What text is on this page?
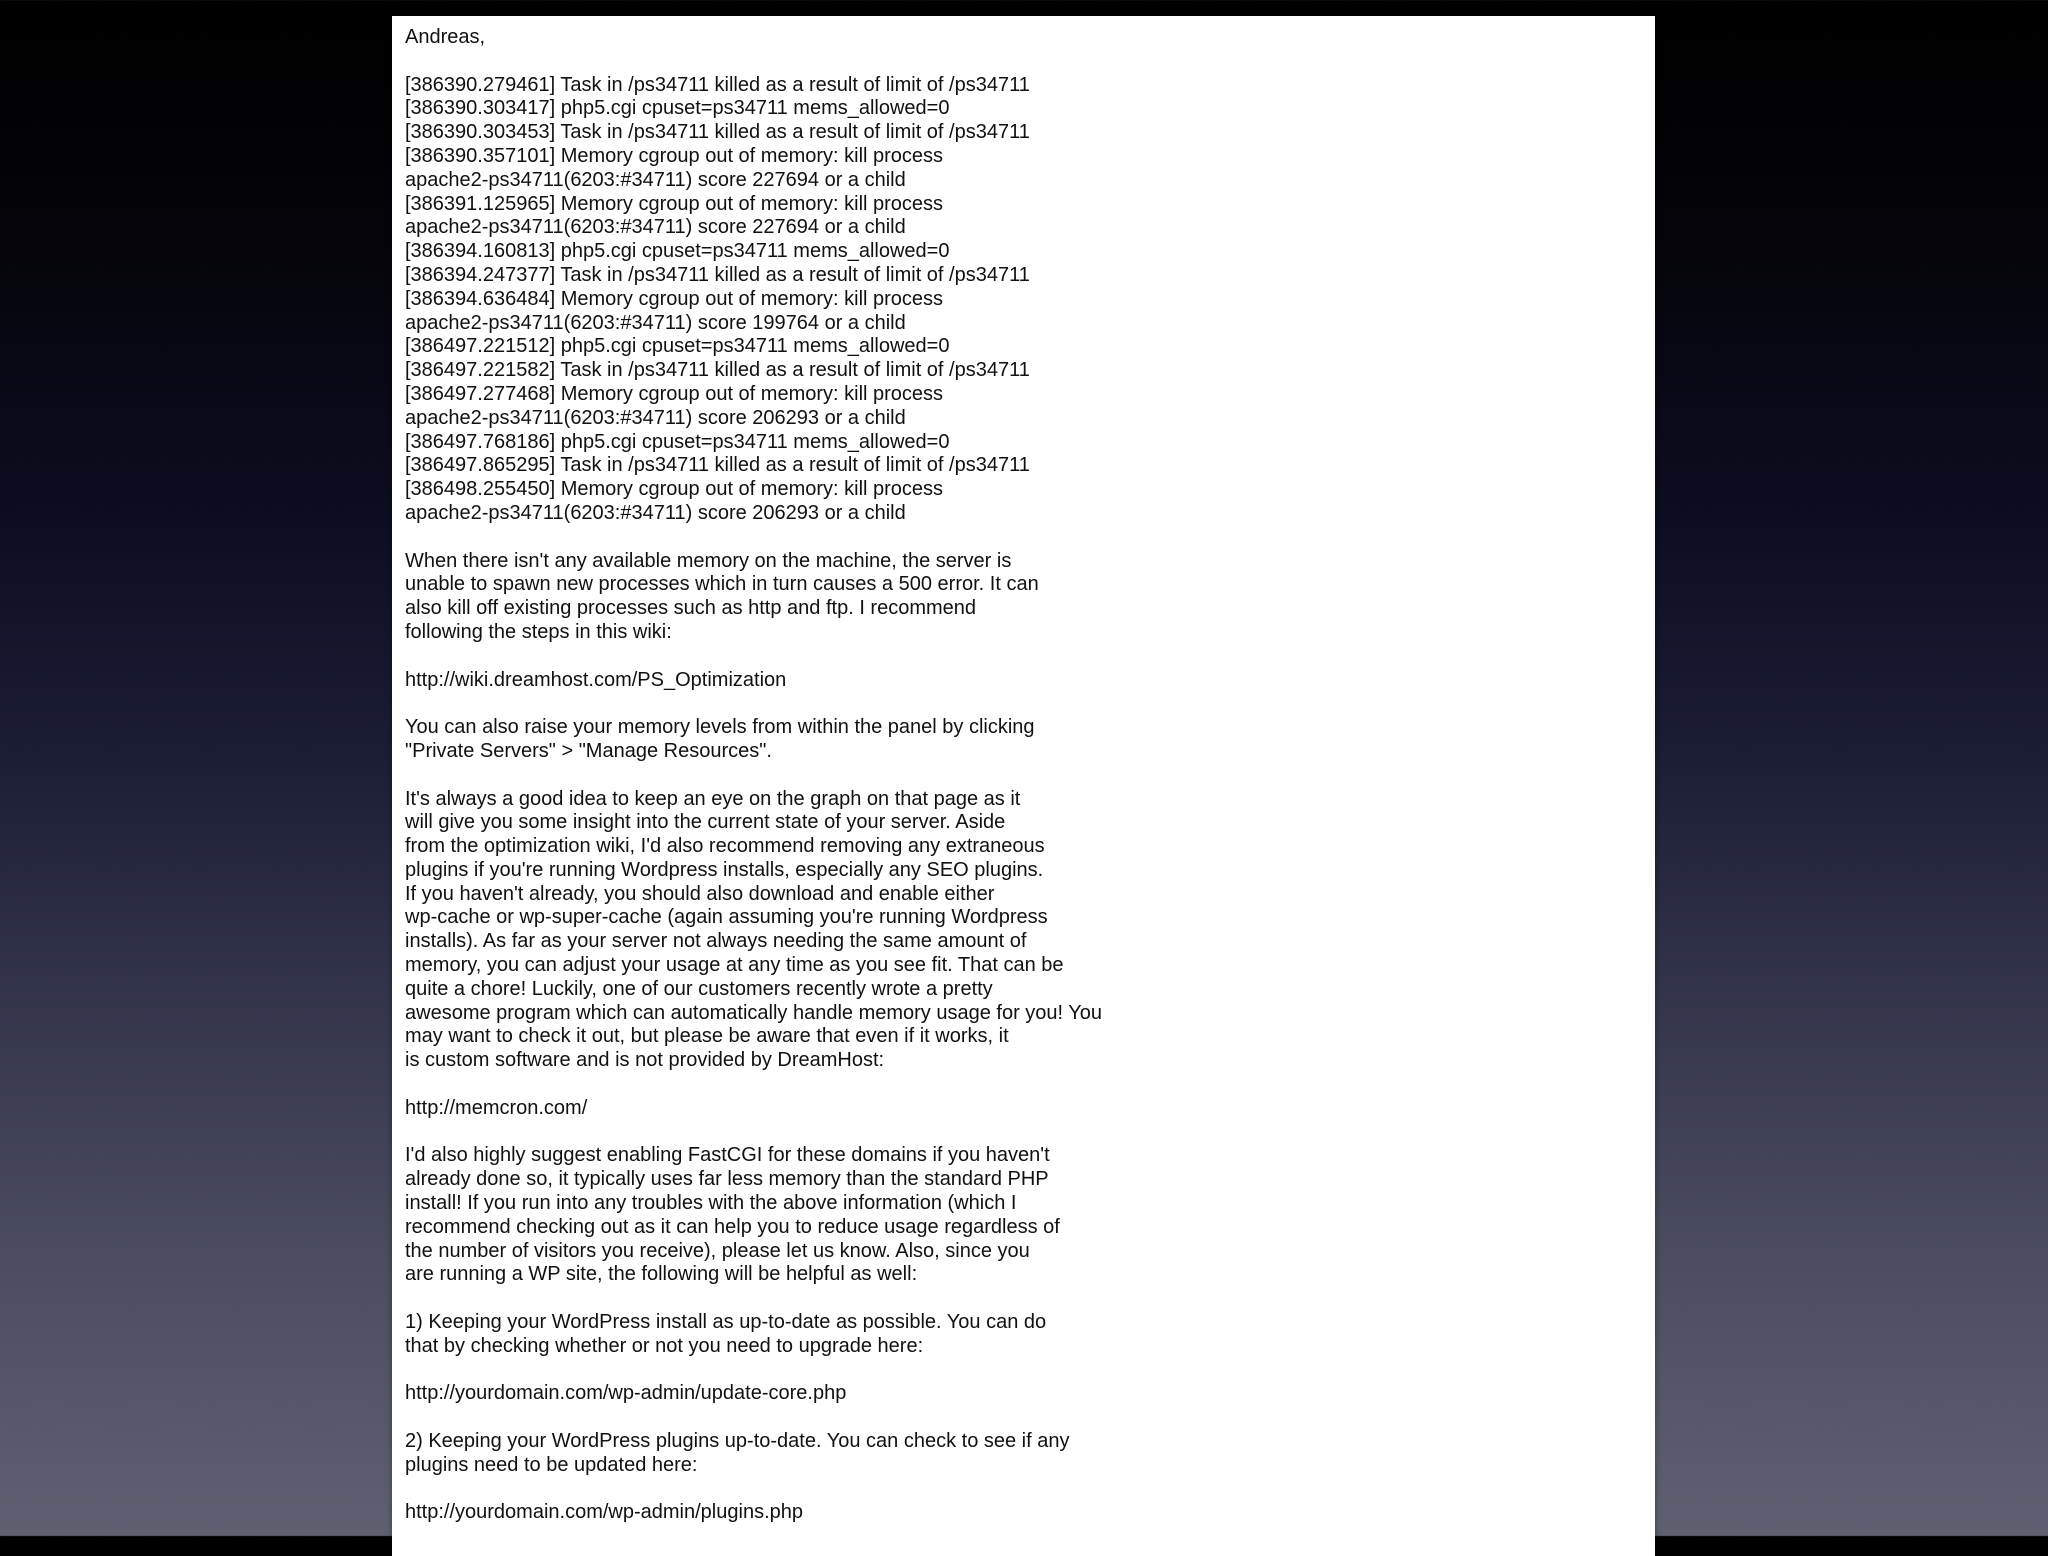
Andreas,
[386390.279461] Task in /ps34711 killed as a result of limit of /ps34711
[386390.303417] php5.cgi cpuset=ps34711 mems_allowed=0
[386390.303453] Task in /ps34711 killed as a result of limit of /ps34711
[386390.357101] Memory cgroup out of memory: kill process
apache2-ps34711(6203:#34711) score 227694 or a child
[386391.125965] Memory cgroup out of memory: kill process
apache2-ps34711(6203:#34711) score 227694 or a child
[386394.160813] php5.cgi cpuset=ps34711 mems_allowed=0
[386394.247377] Task in /ps34711 killed as a result of limit of /ps34711
[386394.636484] Memory cgroup out of memory: kill process
apache2-ps34711(6203:#34711) score 199764 or a child
[386497.221512] php5.cgi cpuset=ps34711 mems_allowed=0
[386497.221582] Task in /ps34711 killed as a result of limit of /ps34711
[386497.277468] Memory cgroup out of memory: kill process
apache2-ps34711(6203:#34711) score 206293 or a child
[386497.768186] php5.cgi cpuset=ps34711 mems_allowed=0
[386497.865295] Task in /ps34711 killed as a result of limit of /ps34711
[386498.255450] Memory cgroup out of memory: kill process
apache2-ps34711(6203:#34711) score 206293 or a child
When there isn't any available memory on the machine, the server is
unable to spawn new processes which in turn causes a 500 error. It can
also kill off existing processes such as http and ftp. I recommend
following the steps in this wiki:
http://wiki.dreamhost.com/PS_Optimization
You can also raise your memory levels from within the panel by clicking
"Private Servers" > "Manage Resources".
It's always a good idea to keep an eye on the graph on that page as it
will give you some insight into the current state of your server. Aside
from the optimization wiki, I'd also recommend removing any extraneous
plugins if you're running Wordpress installs, especially any SEO plugins.
If you haven't already, you should also download and enable either
wp-cache or wp-super-cache (again assuming you're running Wordpress
installs). As far as your server not always needing the same amount of
memory, you can adjust your usage at any time as you see fit. That can be
quite a chore! Luckily, one of our customers recently wrote a pretty
awesome program which can automatically handle memory usage for you! You
may want to check it out, but please be aware that even if it works, it
is custom software and is not provided by DreamHost:
http://memcron.com/
I'd also highly suggest enabling FastCGI for these domains if you haven't
already done so, it typically uses far less memory than the standard PHP
install! If you run into any troubles with the above information (which I
recommend checking out as it can help you to reduce usage regardless of
the number of visitors you receive), please let us know. Also, since you
are running a WP site, the following will be helpful as well:
1) Keeping your WordPress install as up-to-date as possible. You can do
that by checking whether or not you need to upgrade here:
http://yourdomain.com/wp-admin/update-core.php
2) Keeping your WordPress plugins up-to-date. You can check to see if any
plugins need to be updated here:
http://yourdomain.com/wp-admin/plugins.php
